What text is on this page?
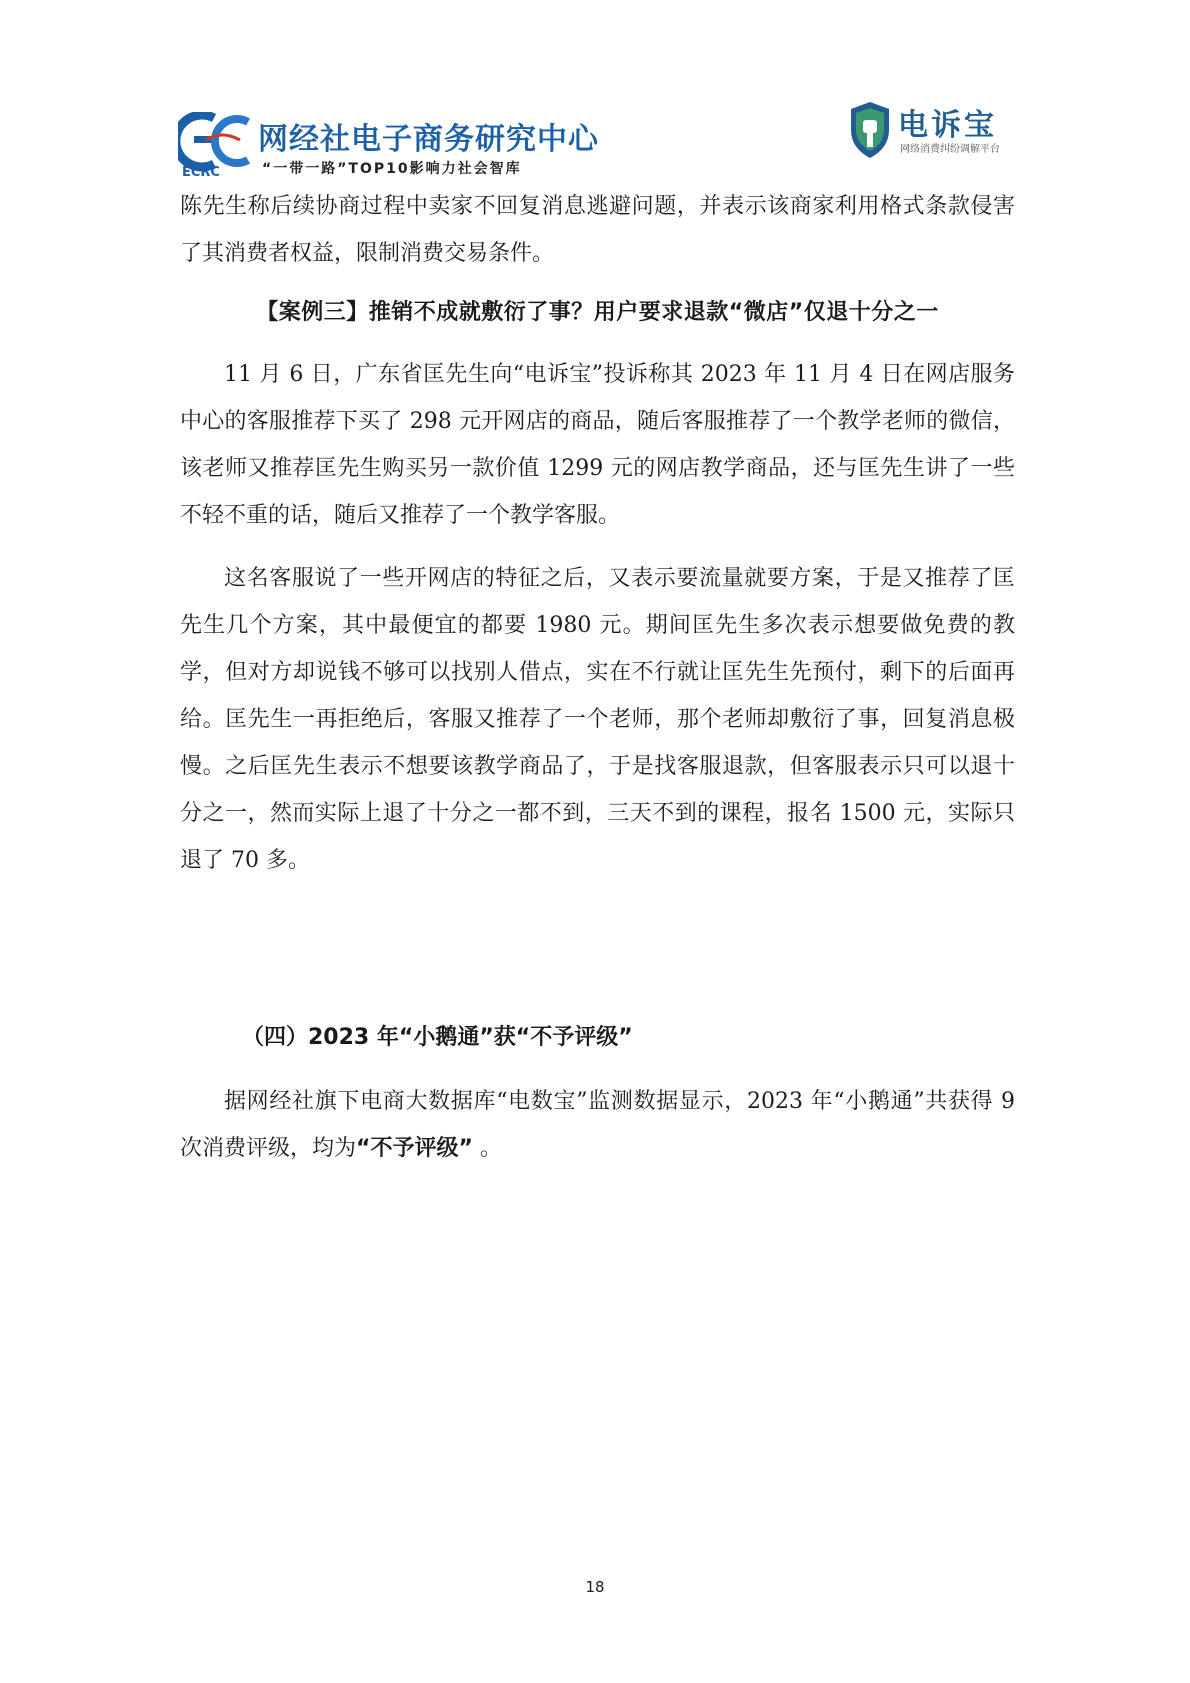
ECRC
网经社电子商务研究中心
“一带一路”TOP10影响力社会智库
电诉宝
网络消费纠纷调解平台

陈先生称后续协商过程中卖家不回复消息逃避问题，并表示该商家利用格式条款侵害了其消费者权益，限制消费交易条件。

【案例三】推销不成就敷衍了事？用户要求退款“微店”仅退十分之一

11 月 6 日，广东省匡先生向“电诉宝”投诉称其 2023 年 11 月 4 日在网店服务中心的客服推荐下买了 298 元开网店的商品，随后客服推荐了一个教学老师的微信，该老师又推荐匡先生购买另一款价值 1299 元的网店教学商品，还与匡先生讲了一些不轻不重的话，随后又推荐了一个教学客服。

这名客服说了一些开网店的特征之后，又表示要流量就要方案，于是又推荐了匡先生几个方案，其中最便宜的都要 1980 元。期间匡先生多次表示想要做免费的教学，但对方却说钱不够可以找别人借点，实在不行就让匡先生先预付，剩下的后面再给。匡先生一再拒绝后，客服又推荐了一个老师，那个老师却敷衍了事，回复消息极慢。之后匡先生表示不想要该教学商品了，于是找客服退款，但客服表示只可以退十分之一，然而实际上退了十分之一都不到，三天不到的课程，报名 1500 元，实际只退了 70 多。

（四）2023 年“小鹅通”获“不予评级”

据网经社旗下电商大数据库“电数宝”监测数据显示，2023 年“小鹅通”共获得 9 次消费评级，均为“不予评级” 。

18
